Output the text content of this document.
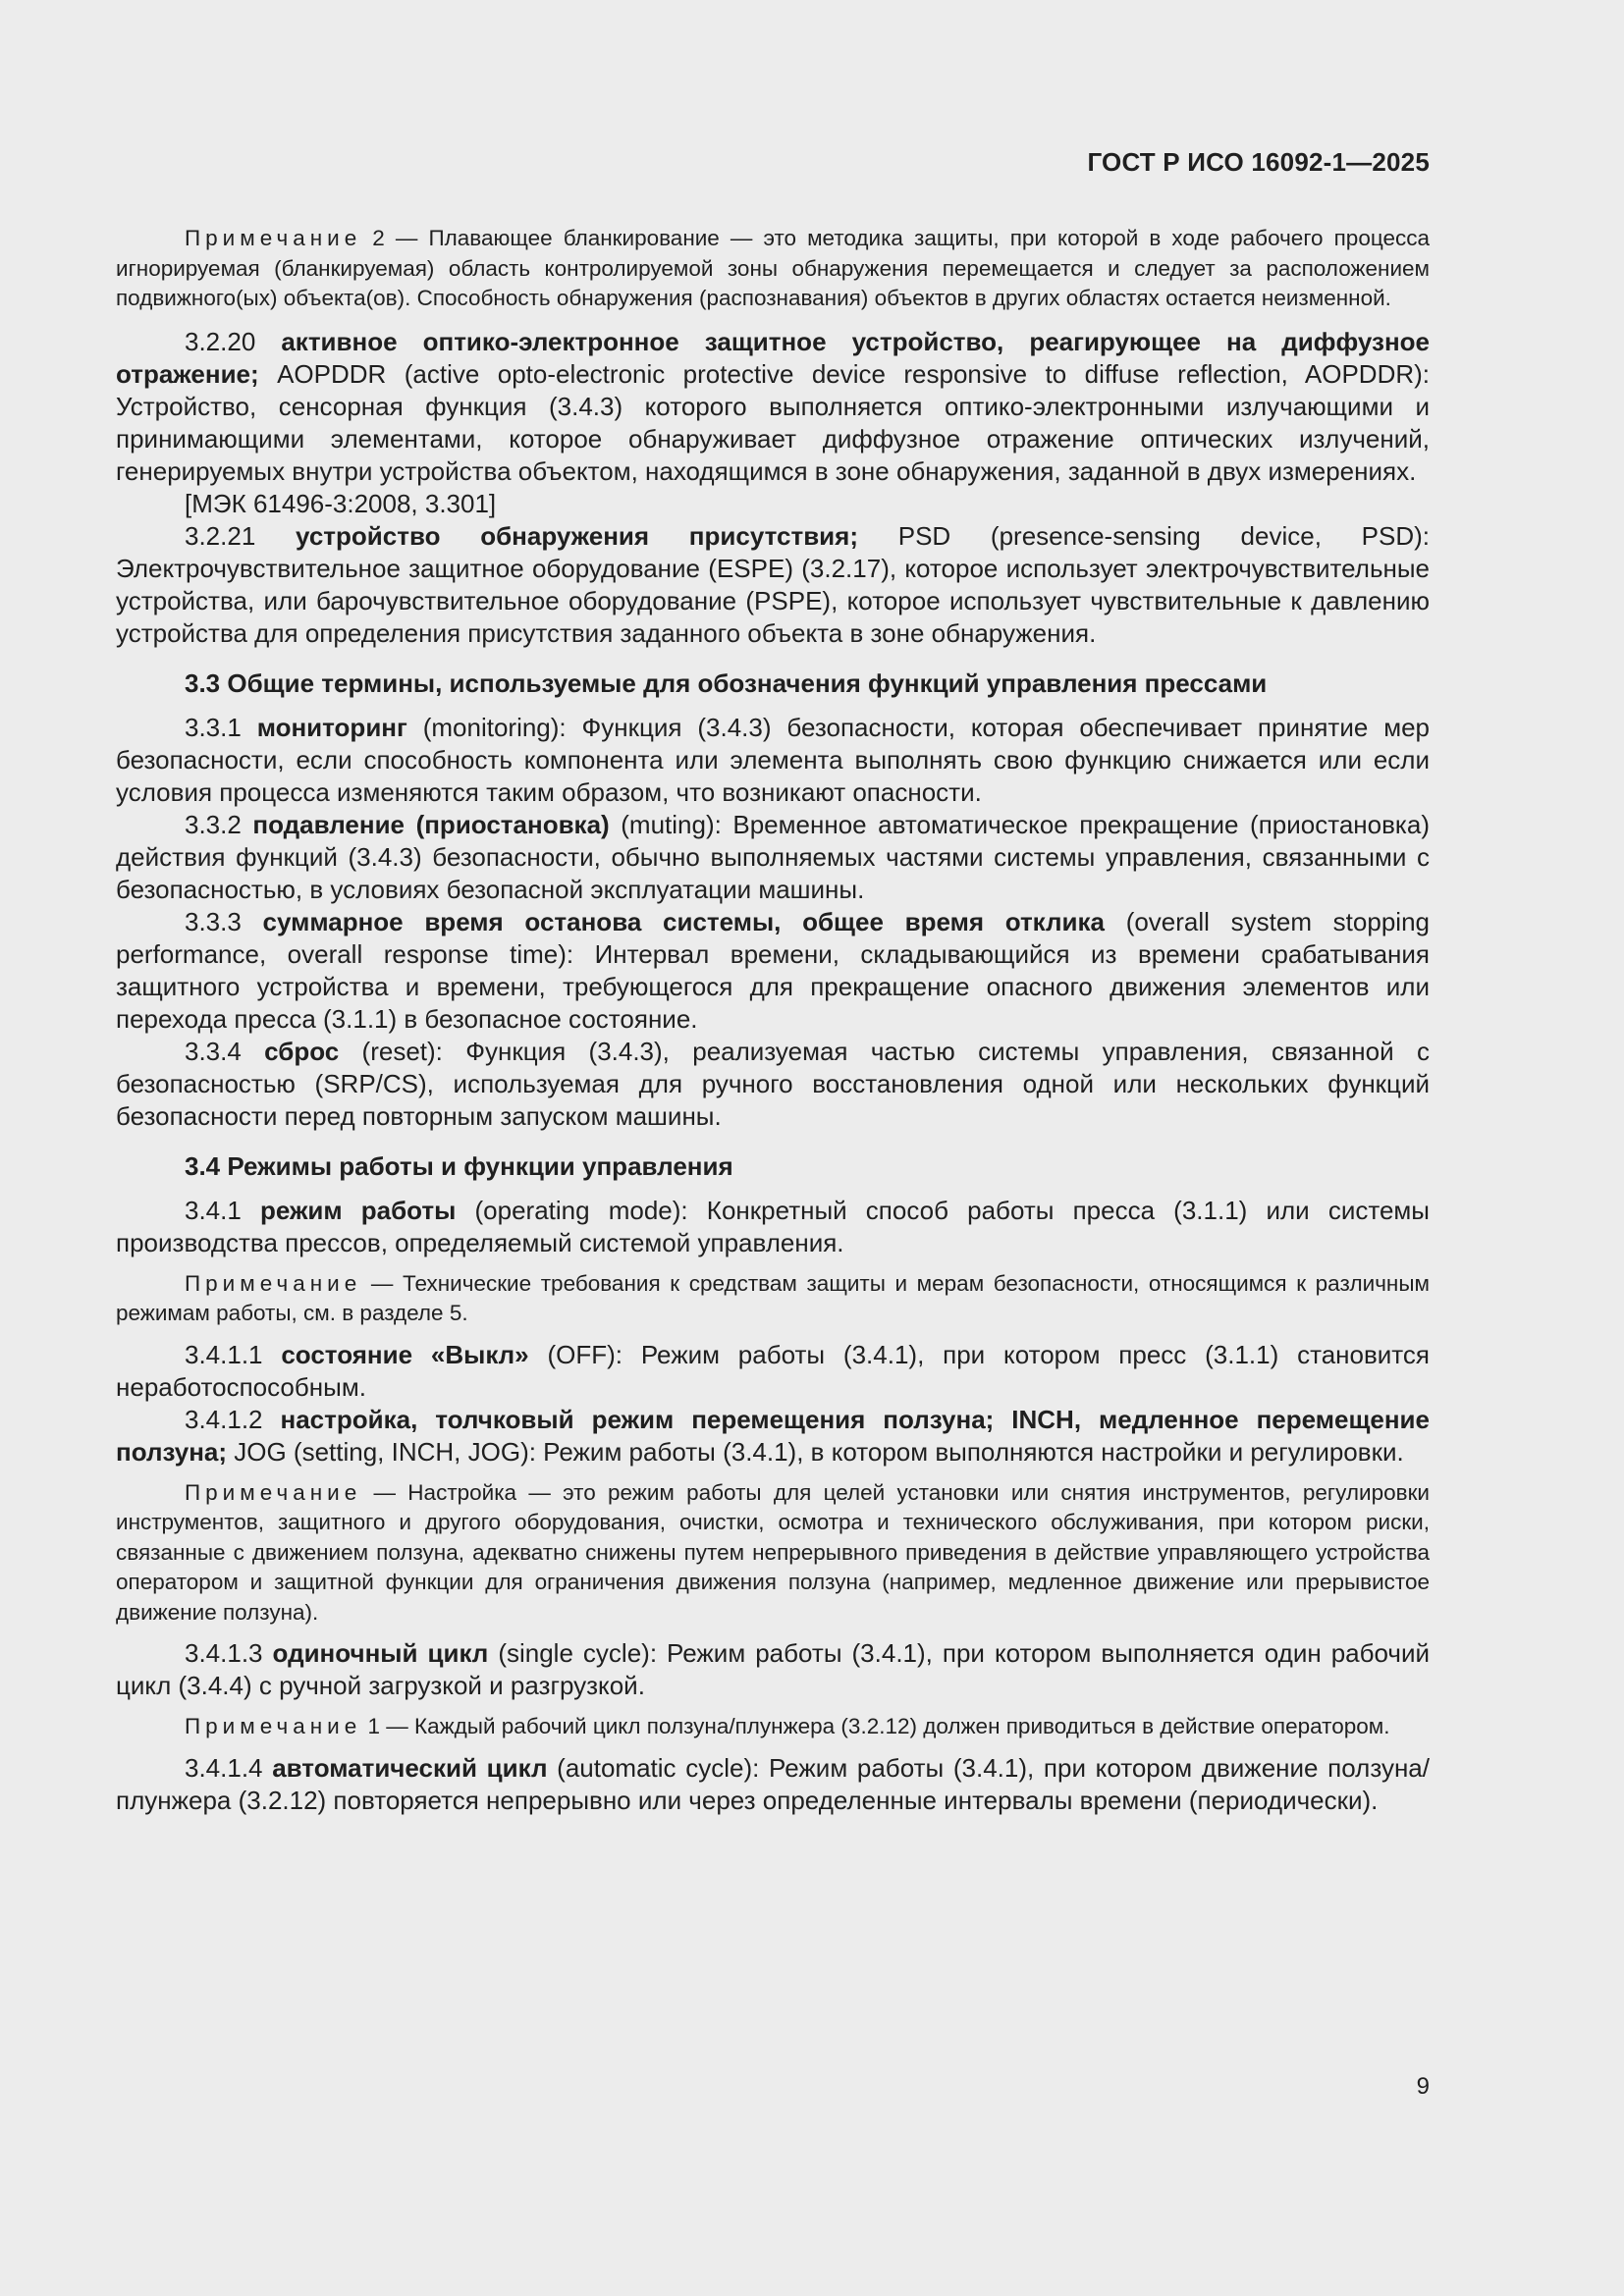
ГОСТ Р ИСО 16092-1—2025

Примечание 2 — Плавающее бланкирование — это методика защиты, при которой в ходе рабочего процесса игнорируемая (бланкируемая) область контролируемой зоны обнаружения перемещается и следует за расположением подвижного(ых) объекта(ов). Способность обнаружения (распознавания) объектов в других областях остается неизменной.

3.2.20 активное оптико-электронное защитное устройство, реагирующее на диффузное отражение; AOPDDR (active opto-electronic protective device responsive to diffuse reflection, AOPDDR): Устройство, сенсорная функция (3.4.3) которого выполняется оптико-электронными излучающими и принимающими элементами, которое обнаруживает диффузное отражение оптических излучений, генерируемых внутри устройства объектом, находящимся в зоне обнаружения, заданной в двух измерениях.

[МЭК 61496-3:2008, 3.301]

3.2.21 устройство обнаружения присутствия; PSD (presence-sensing device, PSD): Электрочувствительное защитное оборудование (ESPE) (3.2.17), которое использует электрочувствительные устройства, или барочувствительное оборудование (PSPE), которое использует чувствительные к давлению устройства для определения присутствия заданного объекта в зоне обнаружения.

3.3 Общие термины, используемые для обозначения функций управления прессами

3.3.1 мониторинг (monitoring): Функция (3.4.3) безопасности, которая обеспечивает принятие мер безопасности, если способность компонента или элемента выполнять свою функцию снижается или если условия процесса изменяются таким образом, что возникают опасности.

3.3.2 подавление (приостановка) (muting): Временное автоматическое прекращение (приостановка) действия функций (3.4.3) безопасности, обычно выполняемых частями системы управления, связанными с безопасностью, в условиях безопасной эксплуатации машины.

3.3.3 суммарное время останова системы, общее время отклика (overall system stopping performance, overall response time): Интервал времени, складывающийся из времени срабатывания защитного устройства и времени, требующегося для прекращение опасного движения элементов или перехода пресса (3.1.1) в безопасное состояние.

3.3.4 сброс (reset): Функция (3.4.3), реализуемая частью системы управления, связанной с безопасностью (SRP/CS), используемая для ручного восстановления одной или нескольких функций безопасности перед повторным запуском машины.

3.4 Режимы работы и функции управления

3.4.1 режим работы (operating mode): Конкретный способ работы пресса (3.1.1) или системы производства прессов, определяемый системой управления.

Примечание — Технические требования к средствам защиты и мерам безопасности, относящимся к различным режимам работы, см. в разделе 5.

3.4.1.1 состояние «Выкл» (OFF): Режим работы (3.4.1), при котором пресс (3.1.1) становится неработоспособным.

3.4.1.2 настройка, толчковый режим перемещения ползуна; INCH, медленное перемещение ползуна; JOG (setting, INCH, JOG): Режим работы (3.4.1), в котором выполняются настройки и регулировки.

Примечание — Настройка — это режим работы для целей установки или снятия инструментов, регулировки инструментов, защитного и другого оборудования, очистки, осмотра и технического обслуживания, при котором риски, связанные с движением ползуна, адекватно снижены путем непрерывного приведения в действие управляющего устройства оператором и защитной функции для ограничения движения ползуна (например, медленное движение или прерывистое движение ползуна).

3.4.1.3 одиночный цикл (single cycle): Режим работы (3.4.1), при котором выполняется один рабочий цикл (3.4.4) с ручной загрузкой и разгрузкой.

Примечание 1 — Каждый рабочий цикл ползуна/плунжера (3.2.12) должен приводиться в действие оператором.

3.4.1.4 автоматический цикл (automatic cycle): Режим работы (3.4.1), при котором движение ползуна/плунжера (3.2.12) повторяется непрерывно или через определенные интервалы времени (периодически).

9
